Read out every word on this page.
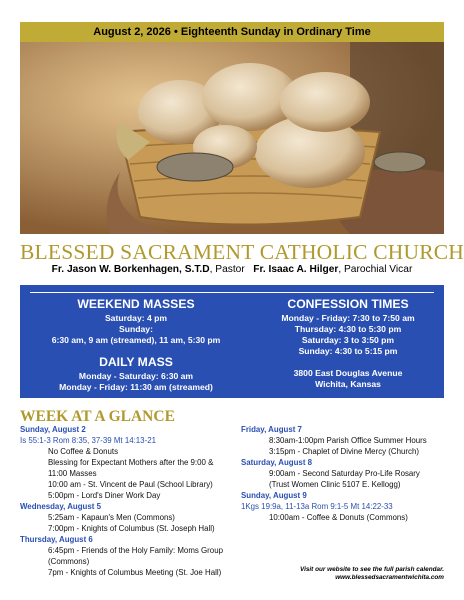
August 2, 2026 • Eighteenth Sunday in Ordinary Time
BLESSED SACRAMENT CATHOLIC CHURCH
Fr. Jason W. Borkenhagen, S.T.D, Pastor Fr. Isaac A. Hilger, Parochial Vicar
WEEKEND MASSES
Saturday: 4 pm
Sunday:
6:30 am, 9 am (streamed), 11 am, 5:30 pm
DAILY MASS
Monday - Saturday: 6:30 am
Monday - Friday: 11:30 am (streamed)
CONFESSION TIMES
Monday - Friday: 7:30 to 7:50 am
Thursday: 4:30 to 5:30 pm
Saturday: 3 to 3:50 pm
Sunday: 4:30 to 5:15 pm
3800 East Douglas Avenue
Wichita, Kansas
WEEK AT A GLANCE
Sunday, August 2
Is 55:1-3 Rom 8:35, 37-39 Mt 14:13-21
No Coffee & Donuts
Blessing for Expectant Mothers after the 9:00 &
11:00 Masses
10:00 am - St. Vincent de Paul (School Library)
5:00pm - Lord's Diner Work Day
Wednesday, August 5
5:25am - Kapaun's Men (Commons)
7:00pm - Knights of Columbus (St. Joseph Hall)
Thursday, August 6
6:45pm - Friends of the Holy Family: Moms Group
(Commons)
7pm - Knights of Columbus Meeting (St. Joe Hall)
Friday, August 7
8:30am-1:00pm Parish Office Summer Hours
3:15pm - Chaplet of Divine Mercy (Church)
Saturday, August 8
9:00am - Second Saturday Pro-Life Rosary
(Trust Women Clinic 5107 E. Kellogg)
Sunday, August 9
1Kgs 19:9a, 11-13a Rom 9:1-5 Mt 14:22-33
10:00am - Coffee & Donuts (Commons)
Visit our website to see the full parish calendar.
www.blessedsacramentwichita.com
